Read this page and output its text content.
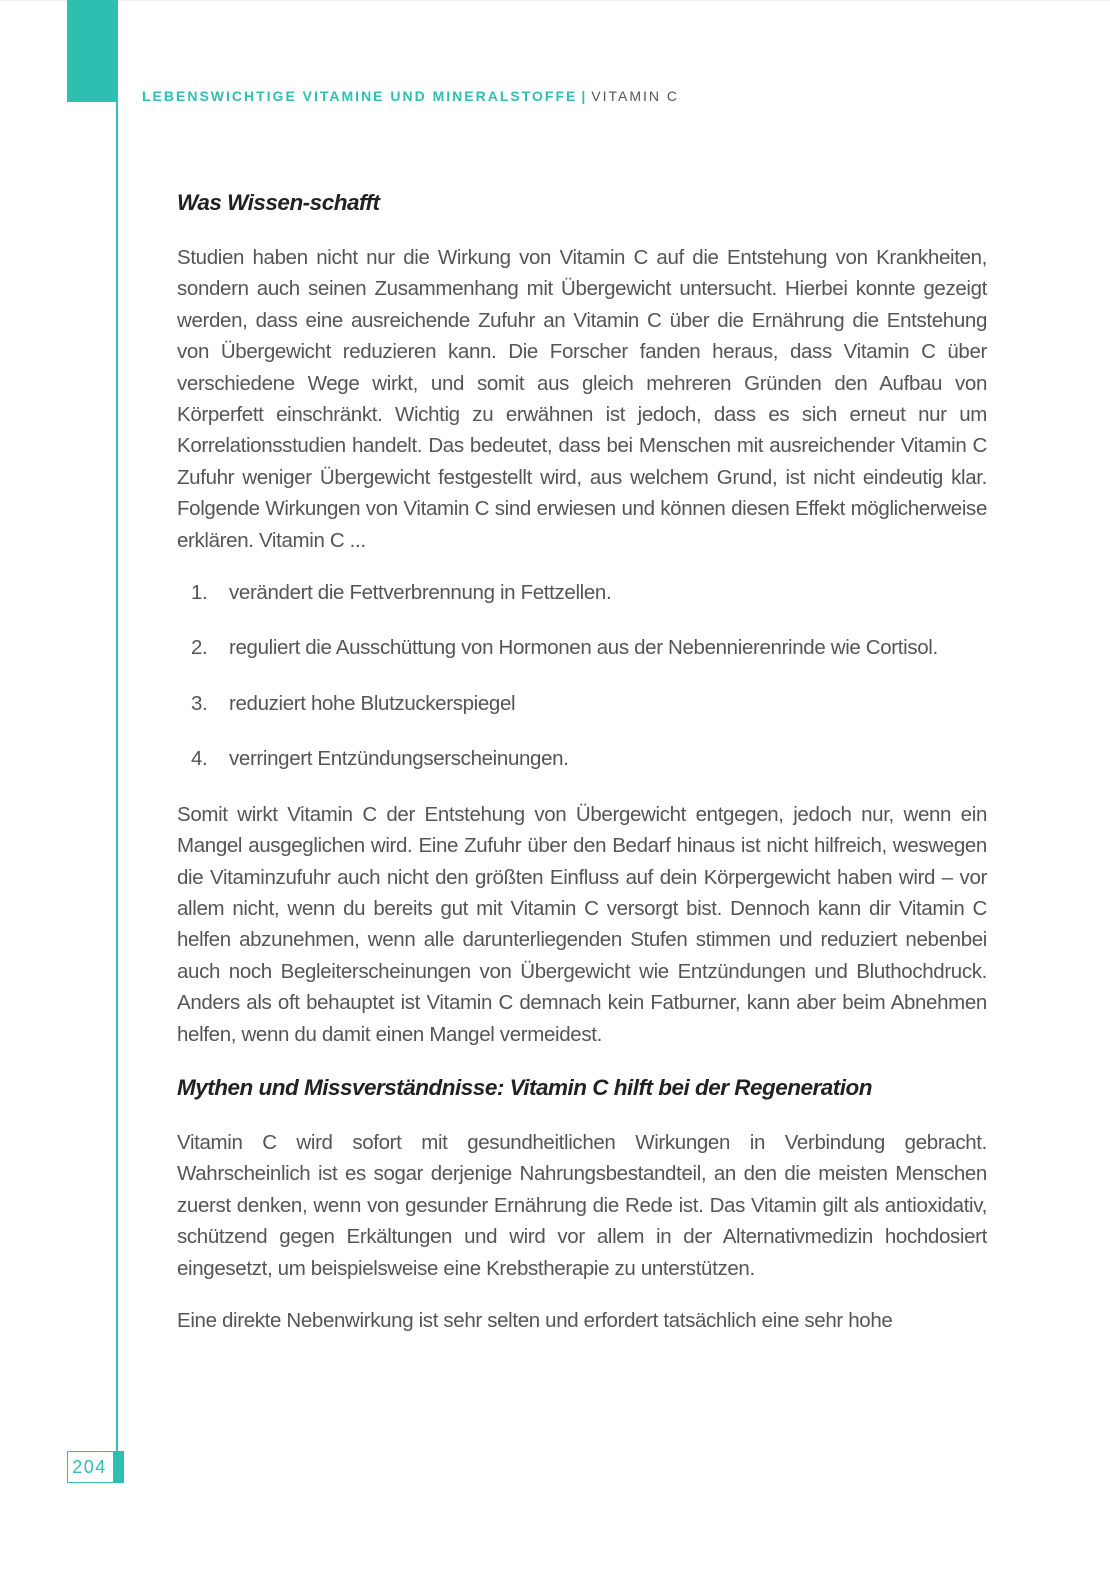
LEBENSWICHTIGE VITAMINE UND MINERALSTOFFE | VITAMIN C
Was Wissen-schafft

Studien haben nicht nur die Wirkung von Vitamin C auf die Entstehung von Krankheiten, sondern auch seinen Zusammenhang mit Übergewicht untersucht. Hierbei konnte gezeigt werden, dass eine ausreichende Zufuhr an Vitamin C über die Ernährung die Entstehung von Übergewicht reduzieren kann. Die Forscher fanden heraus, dass Vitamin C über verschiedene Wege wirkt, und somit aus gleich mehreren Gründen den Aufbau von Körperfett einschränkt. Wichtig zu erwähnen ist jedoch, dass es sich erneut nur um Korrelationsstudien handelt. Das bedeutet, dass bei Menschen mit ausreichender Vitamin C Zufuhr weniger Übergewicht festgestellt wird, aus welchem Grund, ist nicht eindeutig klar. Folgende Wirkungen von Vitamin C sind erwiesen und können diesen Effekt möglicherweise erklären. Vitamin C ...

1. verändert die Fettverbrennung in Fettzellen.
2. reguliert die Ausschüttung von Hormonen aus der Nebennierenrinde wie Cortisol.
3. reduziert hohe Blutzuckerspiegel
4. verringert Entzündungserscheinungen.

Somit wirkt Vitamin C der Entstehung von Übergewicht entgegen, jedoch nur, wenn ein Mangel ausgeglichen wird. Eine Zufuhr über den Bedarf hinaus ist nicht hilfreich, weswegen die Vitaminzufuhr auch nicht den größten Einfluss auf dein Körpergewicht haben wird – vor allem nicht, wenn du bereits gut mit Vitamin C versorgt bist. Dennoch kann dir Vitamin C helfen abzunehmen, wenn alle darunterliegenden Stufen stimmen und reduziert nebenbei auch noch Begleiterscheinungen von Übergewicht wie Entzündungen und Bluthochdruck. Anders als oft behauptet ist Vitamin C demnach kein Fatburner, kann aber beim Abnehmen helfen, wenn du damit einen Mangel vermeidest.

Mythen und Missverständnisse: Vitamin C hilft bei der Regeneration

Vitamin C wird sofort mit gesundheitlichen Wirkungen in Verbindung gebracht. Wahrscheinlich ist es sogar derjenige Nahrungsbestandteil, an den die meisten Menschen zuerst denken, wenn von gesunder Ernährung die Rede ist. Das Vitamin gilt als antioxidativ, schützend gegen Erkältungen und wird vor allem in der Alternativmedizin hochdosiert eingesetzt, um beispielsweise eine Krebstherapie zu unterstützen.

Eine direkte Nebenwirkung ist sehr selten und erfordert tatsächlich eine sehr hohe

204
